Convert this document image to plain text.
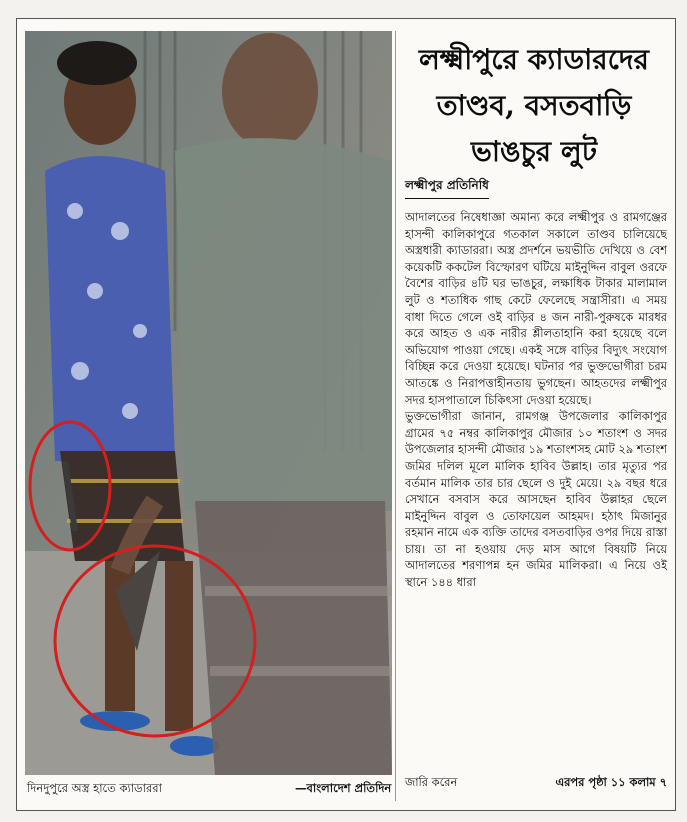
দিনদুপুরে অস্ত্র হাতে ক্যাডাররা	—বাংলাদেশ প্রতিদিন
লক্ষ্মীপুরে ক্যাডারদের তাণ্ডব, বসতবাড়ি ভাঙচুর লুট
লক্ষ্মীপুর প্রতিনিধি

আদালতের নিষেধাজ্ঞা অমান্য করে লক্ষ্মীপুর ও রামগঞ্জের হাসন্দী কালিকাপুরে গতকাল সকালে তাণ্ডব চালিয়েছে অস্ত্রধারী ক্যাডাররা। অস্ত্র প্রদর্শনে ভয়ভীতি দেখিয়ে ও বেশ কয়েকটি ককটেল বিস্ফোরণ ঘটিয়ে মাইনুদ্দিন বাবুল ওরফে বৈশের বাড়ির ৪টি ঘর ভাঙচুর, লক্ষাধিক টাকার মালামাল লুট ও শতাধিক গাছ কেটে ফেলেছে সন্ত্রাসীরা। এ সময় বাধা দিতে গেলে ওই বাড়ির ৪ জন নারী-পুরুষকে মারধর করে আহত ও এক নারীর শ্লীলতাহানি করা হয়েছে বলে অভিযোগ পাওয়া গেছে। একই সঙ্গে বাড়ির বিদ্যুৎ সংযোগ বিচ্ছিন্ন করে দেওয়া হয়েছে। ঘটনার পর ভুক্তভোগীরা চরম আতঙ্কে ও নিরাপত্তাহীনতায় ভুগছেন। আহতদের লক্ষ্মীপুর সদর হাসপাতালে চিকিৎসা দেওয়া হয়েছে।

ভুক্তভোগীরা জানান, রামগঞ্জ উপজেলার কালিকাপুর গ্রামের ৭৫ নম্বর কালিকাপুর মৌজার ১০ শতাংশ ও সদর উপজেলার হাসন্দী মৌজার ১৯ শতাংশসহ মোট ২৯ শতাংশ জমির দলিল মূলে মালিক হাবিব উল্লাহ। তার মৃত্যুর পর বর্তমান মালিক তার চার ছেলে ও দুই মেয়ে। ২৯ বছর ধরে সেখানে বসবাস করে আসছেন হাবিব উল্লাহর ছেলে মাইনুদ্দিন বাবুল ও তোফায়েল আহমদ। হঠাৎ মিজানুর রহমান নামে এক ব্যক্তি তাদের বসতবাড়ির ওপর দিয়ে রাস্তা চায়। তা না হওয়ায় দেড় মাস আগে বিষয়টি নিয়ে আদালতের শরণাপন্ন হন জমির মালিকরা। এ নিয়ে ওই স্থানে ১৪৪ ধারা

জারি করেন	এরপর পৃষ্ঠা ১১ কলাম ৭
